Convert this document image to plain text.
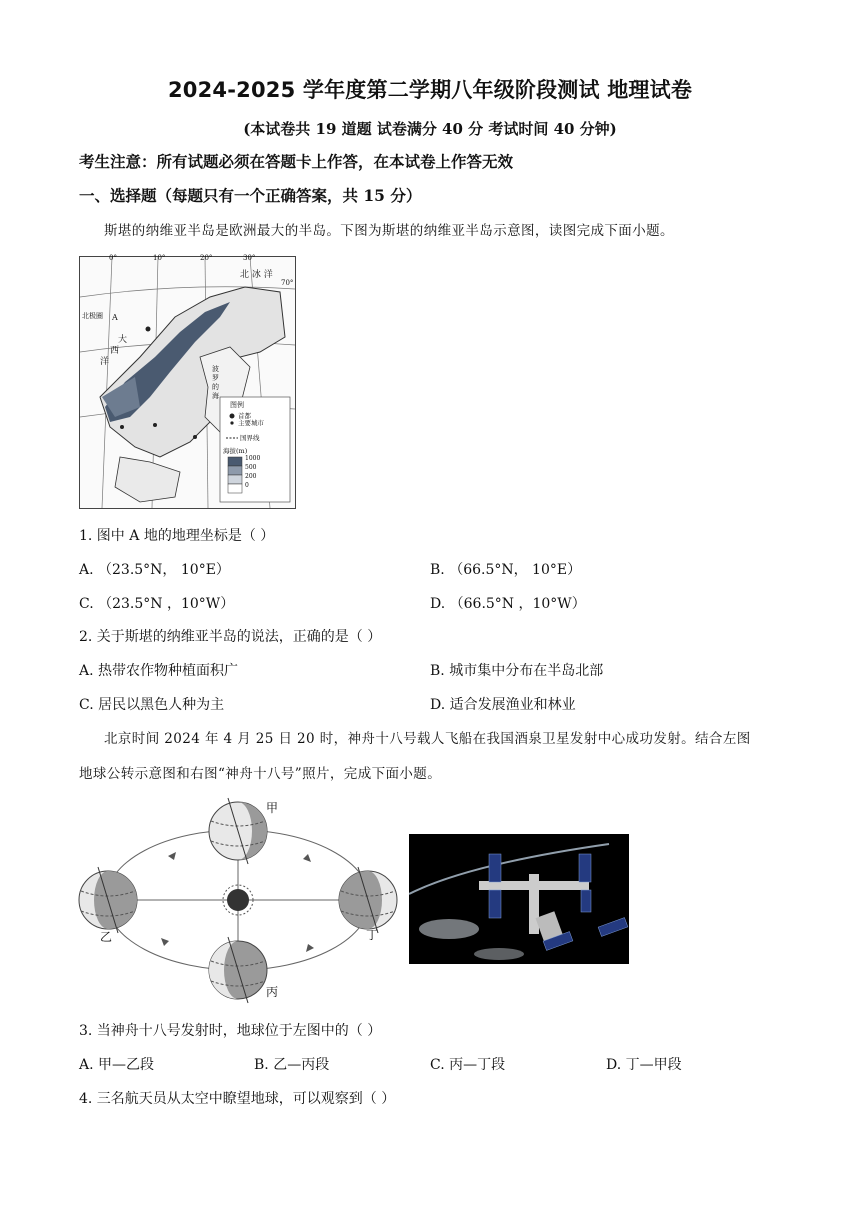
2024-2025 学年度第二学期八年级阶段测试 地理试卷
(本试卷共 19 道题 试卷满分 40 分 考试时间 40 分钟)
考生注意：所有试题必须在答题卡上作答，在本试卷上作答无效
一、选择题（每题只有一个正确答案，共 15 分）
斯堪的纳维亚半岛是欧洲最大的半岛。下图为斯堪的纳维亚半岛示意图，读图完成下面小题。
0°	10°	20°	30°
70°
北 冰 洋
北极圈 A
大
西
洋
波罗的海
图例
首都
主要城市
国界线
海拔(m)
1000
500
200
0
1. 图中 A 地的地理坐标是（ ）
A. （23.5°N， 10°E）	B. （66.5°N， 10°E）
C. （23.5°N ，10°W）	D. （66.5°N ，10°W）
2. 关于斯堪的纳维亚半岛的说法，正确的是（ ）
A. 热带农作物种植面积广	B. 城市集中分布在半岛北部
C. 居民以黑色人种为主	D. 适合发展渔业和林业
北京时间 2024 年 4 月 25 日 20 时，神舟十八号载人飞船在我国酒泉卫星发射中心成功发射。结合左图
地球公转示意图和右图“神舟十八号”照片，完成下面小题。
甲
乙
丙
丁
3. 当神舟十八号发射时，地球位于左图中的（ ）
A. 甲—乙段	B. 乙—丙段	C. 丙—丁段	D. 丁—甲段
4. 三名航天员从太空中瞭望地球，可以观察到（ ）
